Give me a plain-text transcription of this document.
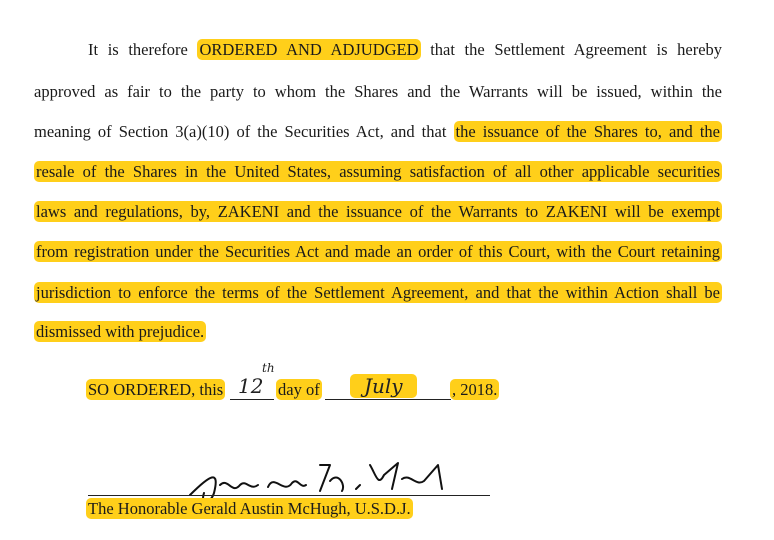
It is therefore ORDERED AND ADJUDGED that the Settlement Agreement is hereby
approved as fair to the party to whom the Shares and the Warrants will be issued, within the
meaning of Section 3(a)(10) of the Securities Act, and that the issuance of the Shares to, and the
resale of the Shares in the United States, assuming satisfaction of all other applicable securities
laws and regulations, by, ZAKENI and the issuance of the Warrants to ZAKENI will be exempt
from registration under the Securities Act and made an order of this Court, with the Court retaining
jurisdiction to enforce the terms of the Settlement Agreement, and that the within Action shall be
dismissed with prejudice.
SO ORDERED, this 12
th
day of	July	, 2018.
The Honorable Gerald Austin McHugh, U.S.D.J.
